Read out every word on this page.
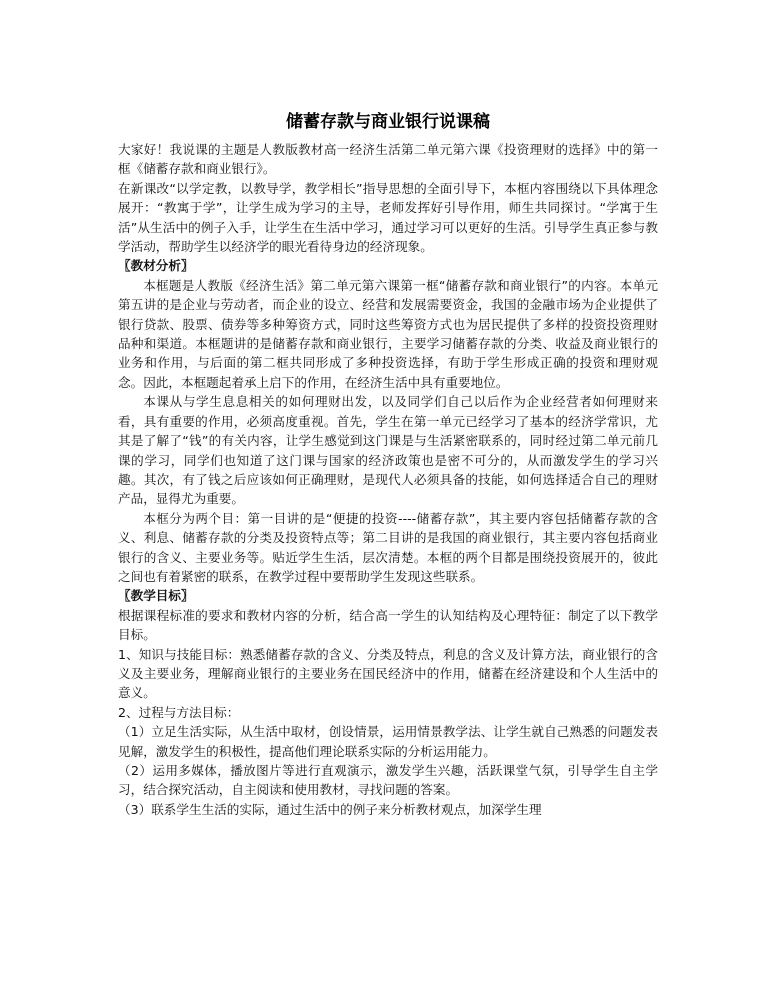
储蓄存款与商业银行说课稿

大家好！我说课的主题是人教版教材高一经济生活第二单元第六课《投资理财的选择》中的第一框《储蓄存款和商业银行》。

在新课改“以学定教，以教导学，教学相长”指导思想的全面引导下，本框内容围绕以下具体理念展开：“教寓于学”，让学生成为学习的主导，老师发挥好引导作用，师生共同探讨。“学寓于生活”从生活中的例子入手，让学生在生活中学习，通过学习可以更好的生活。引导学生真正参与教学活动，帮助学生以经济学的眼光看待身边的经济现象。

〖教材分析〗

本框题是人教版《经济生活》第二单元第六课第一框“储蓄存款和商业银行”的内容。本单元第五讲的是企业与劳动者，而企业的设立、经营和发展需要资金，我国的金融市场为企业提供了银行贷款、股票、债券等多种筹资方式，同时这些筹资方式也为居民提供了多样的投资投资理财品种和渠道。本框题讲的是储蓄存款和商业银行，主要学习储蓄存款的分类、收益及商业银行的业务和作用，与后面的第二框共同形成了多种投资选择，有助于学生形成正确的投资和理财观念。因此，本框题起着承上启下的作用，在经济生活中具有重要地位。

本课从与学生息息相关的如何理财出发，以及同学们自己以后作为企业经营者如何理财来看，具有重要的作用，必须高度重视。首先，学生在第一单元已经学习了基本的经济学常识，尤其是了解了“钱”的有关内容，让学生感觉到这门课是与生活紧密联系的，同时经过第二单元前几课的学习，同学们也知道了这门课与国家的经济政策也是密不可分的，从而激发学生的学习兴趣。其次，有了钱之后应该如何正确理财，是现代人必须具备的技能，如何选择适合自己的理财产品，显得尤为重要。

本框分为两个目：第一目讲的是“便捷的投资----储蓄存款”，其主要内容包括储蓄存款的含义、利息、储蓄存款的分类及投资特点等；第二目讲的是我国的商业银行，其主要内容包括商业银行的含义、主要业务等。贴近学生生活，层次清楚。本框的两个目都是围绕投资展开的，彼此之间也有着紧密的联系，在教学过程中要帮助学生发现这些联系。

〖教学目标〗

根据课程标准的要求和教材内容的分析，结合高一学生的认知结构及心理特征：制定了以下教学目标。

1、知识与技能目标：熟悉储蓄存款的含义、分类及特点，利息的含义及计算方法，商业银行的含义及主要业务，理解商业银行的主要业务在国民经济中的作用，储蓄在经济建设和个人生活中的意义。

2、过程与方法目标：

（1）立足生活实际，从生活中取材，创设情景，运用情景教学法、让学生就自己熟悉的问题发表见解，激发学生的积极性，提高他们理论联系实际的分析运用能力。

（2）运用多媒体，播放图片等进行直观演示，激发学生兴趣，活跃课堂气氛，引导学生自主学习，结合探究活动，自主阅读和使用教材，寻找问题的答案。

（3）联系学生生活的实际，通过生活中的例子来分析教材观点，加深学生理
